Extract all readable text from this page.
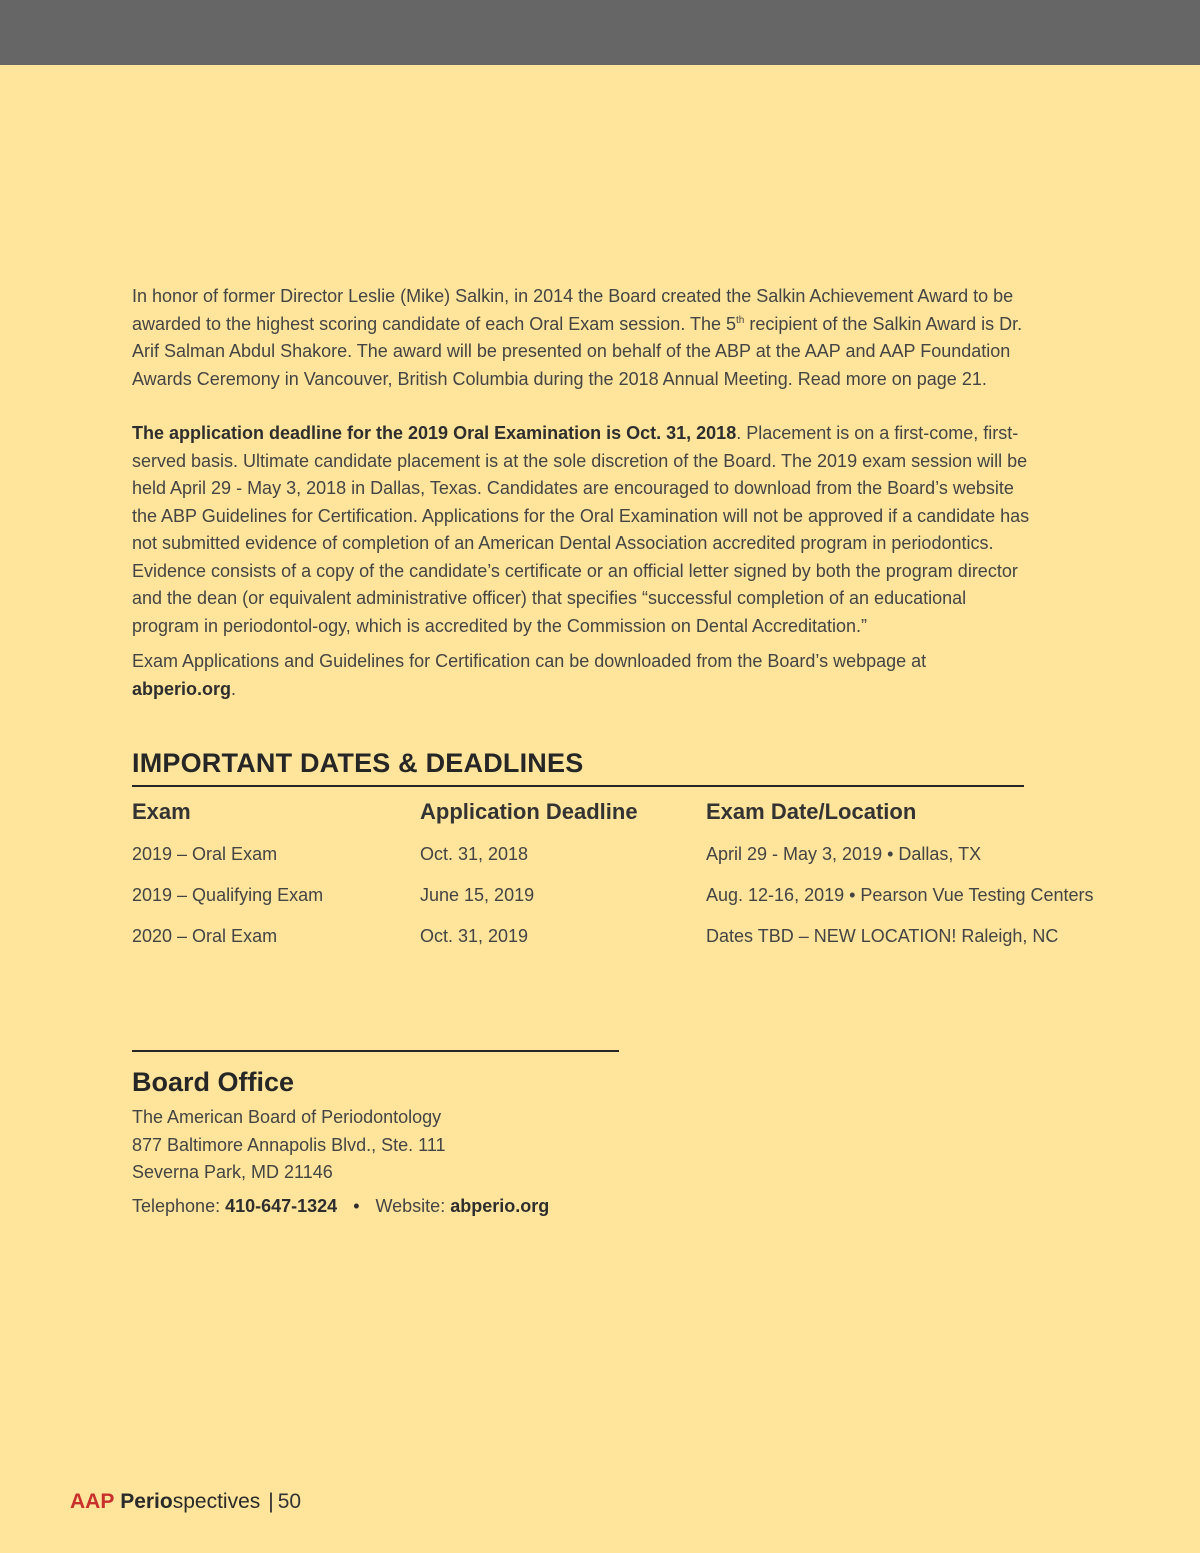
In honor of former Director Leslie (Mike) Salkin, in 2014 the Board created the Salkin Achievement Award to be awarded to the highest scoring candidate of each Oral Exam session. The 5th recipient of the Salkin Award is Dr. Arif Salman Abdul Shakore. The award will be presented on behalf of the ABP at the AAP and AAP Foundation Awards Ceremony in Vancouver, British Columbia during the 2018 Annual Meeting. Read more on page 21.

The application deadline for the 2019 Oral Examination is Oct. 31, 2018. Placement is on a first-come, first-served basis. Ultimate candidate placement is at the sole discretion of the Board. The 2019 exam session will be held April 29 - May 3, 2018 in Dallas, Texas. Candidates are encouraged to download from the Board’s website the ABP Guidelines for Certification. Applications for the Oral Examination will not be approved if a candidate has not submitted evidence of completion of an American Dental Association accredited program in periodontics. Evidence consists of a copy of the candidate’s certificate or an official letter signed by both the program director and the dean (or equivalent administrative officer) that specifies “successful completion of an educational program in periodontol-ogy, which is accredited by the Commission on Dental Accreditation.”

Exam Applications and Guidelines for Certification can be downloaded from the Board’s webpage at abperio.org.

IMPORTANT DATES & DEADLINES
Exam	Application Deadline	Exam Date/Location
2019 – Oral Exam	Oct. 31, 2018	April 29 - May 3, 2019 • Dallas, TX
2019 – Qualifying Exam	June 15, 2019	Aug. 12-16, 2019 • Pearson Vue Testing Centers
2020 – Oral Exam	Oct. 31, 2019	Dates TBD – NEW LOCATION! Raleigh, NC
Board Office
The American Board of Periodontology
877 Baltimore Annapolis Blvd., Ste. 111
Severna Park, MD 21146
Telephone: 410-647-1324 • Website: abperio.org
AAP Periospectives | 50
